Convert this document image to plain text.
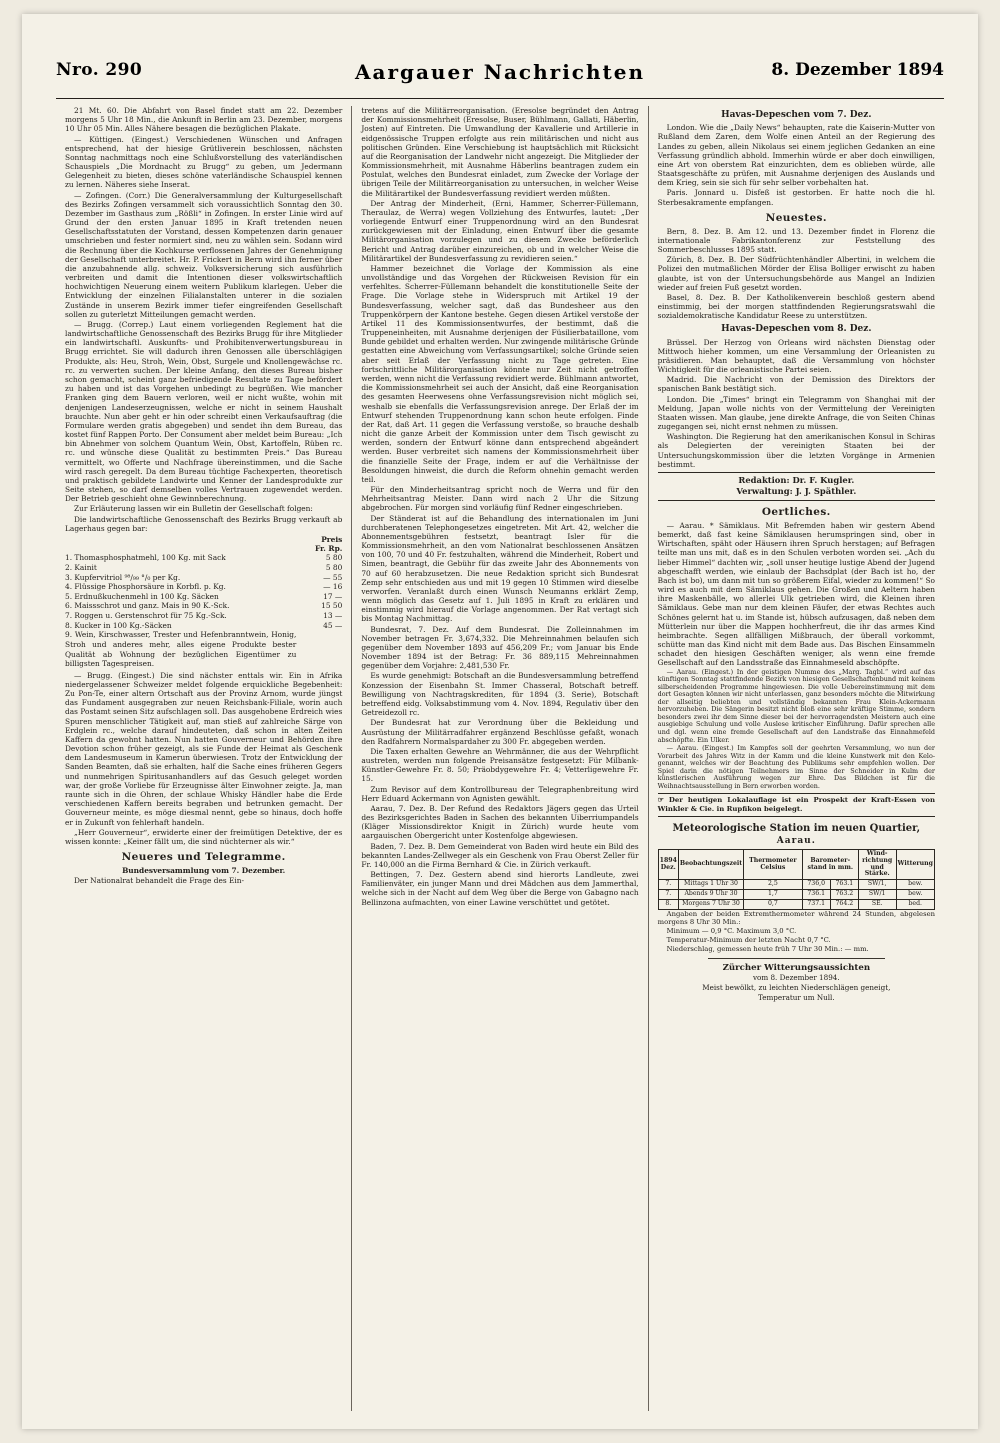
Nro. 290	Aargauer Nachrichten	8. Dezember 1894

21 Mt. 60. Die Abfahrt von Basel findet statt am 22. Dezember morgens 5 Uhr 18 Min., die Ankunft in Berlin am 23. Dezember, morgens 10 Uhr 05 Min. Alles Nähere besagen die bezüglichen Plakate.

— Küttigen. (Eingest.) Verschiedenen Wünschen und Anfragen entsprechend, hat der hiesige Grütliverein beschlossen, nächsten Sonntag nachmittags noch eine Schlußvorstellung des vaterländischen Schauspiels „Die Mordnacht zu Brugg“ zu geben, um Jedermann Gelegenheit zu bieten, dieses schöne vaterländische Schauspiel kennen zu lernen. Näheres siehe Inserat.

— Zofingen. (Corr.) Die Generalversammlung der Kulturgesellschaft des Bezirks Zofingen versammelt sich voraussichtlich Sonntag den 30. Dezember im Gasthaus zum „Rößli“ in Zofingen. In erster Linie wird auf Grund der den ersten Januar 1895 in Kraft tretenden neuen Gesellschaftsstatuten der Vorstand, dessen Kompetenzen darin genauer umschrieben und fester normiert sind, neu zu wählen sein. Sodann wird die Rechnung über die Kochkurse verflossenen Jahres der Genehmigung der Gesellschaft unterbreitet. Hr. P. Frickert in Bern wird ihn ferner über die anzubahnende allg. schweiz. Volksversicherung sich ausführlich verbreiten und damit die Intentionen dieser volkswirtschaftlich hochwichtigen Neuerung einem weitern Publikum klarlegen. Ueber die Entwicklung der einzelnen Filialanstalten unterer in die sozialen Zustände in unserem Bezirk immer tiefer eingreifenden Gesellschaft sollen zu guterletzt Mitteilungen gemacht werden.

— Brugg. (Correp.) Laut einem vorliegenden Reglement hat die landwirtschaftliche Genossenschaft des Bezirks Brugg für ihre Mitglieder ein landwirtschaftl. Auskunfts- und Prohibitenverwertungsbureau in Brugg errichtet. Sie will dadurch ihren Genossen alle überschlägigen Produkte, als: Heu, Stroh, Wein, Obst, Surgele und Knollengewächse rc. rc. zu verwerten suchen. Der kleine Anfang, den dieses Bureau bisher schon gemacht, scheint ganz befriedigende Resultate zu Tage befördert zu haben und ist das Vorgehen unbedingt zu begrüßen. Wie mancher Franken ging dem Bauern verloren, weil er nicht wußte, wohin mit denjenigen Landeserzeugnissen, welche er nicht in seinem Haushalt brauchte. Nun aber geht er hin oder schreibt einen Verkaufsauftrag (die Formulare werden gratis abgegeben) und sendet ihn dem Bureau, das kostet fünf Rappen Porto. Der Consument aber meldet beim Bureau: „Ich bin Abnehmer von solchem Quantum Wein, Obst, Kartoffeln, Rüben rc. rc. und wünsche diese Qualität zu bestimmten Preis.“ Das Bureau vermittelt, wo Offerte und Nachfrage übereinstimmen, und die Sache wird rasch geregelt. Da dem Bureau tüchtige Fachexperten, theoretisch und praktisch gebildete Landwirte und Kenner der Landesprodukte zur Seite stehen, so darf demselben volles Vertrauen zugewendet werden. Der Betrieb geschieht ohne Gewinnberechnung.

Zur Erläuterung lassen wir ein Bulletin der Gesellschaft folgen:

Die landwirtschaftliche Genossenschaft des Bezirks Brugg verkauft ab Lagerhaus gegen bar:

Preis
Fr. Rp.
1. Thomasphosphatmehl, 100 Kg. mit Sack	5 80
2. Kainit	5 80
3. Kupfervitriol ⁹⁸/₉₉ °/₀ per Kg.	— 55
4. Flüssige Phosphorsäure in Korbfl. p. Kg.	— 16
5. Erdnußkuchenmehl in 100 Kg. Säcken	17 —
6. Maissschrot und ganz. Mais in 90 K.-Sck.	15 50
7. Roggen u. Gerstenschrot für 75 Kg.-Sck.	13 —
8. Kucker in 100 Kg.-Säcken	45 —
9. Wein, Kirschwasser, Trester und Hefenbranntwein, Honig, Stroh und anderes mehr, alles eigene Produkte bester Qualität ab Wohnung der bezüglichen Eigentümer zu billigsten Tagespreisen.

— Brugg. (Eingest.) Die sind nächster enttals wir. Ein in Afrika niedergelassener Schweizer meldet folgende erquickliche Begebenheit: Zu Pon-Te, einer altern Ortschaft aus der Provinz Arnom, wurde jüngst das Fundament ausgegraben zur neuen Reichsbank-Filiale, worin auch das Postamt seinen Sitz aufschlagen soll. Das ausgehobene Erdreich wies Spuren menschlicher Tätigkeit auf, man stieß auf zahlreiche Särge von Erdglein rc., welche darauf hindeuteten, daß schon in alten Zeiten Kaffern da gewohnt hatten. Nun hatten Gouverneur und Behörden ihre Devotion schon früher gezeigt, als sie Funde der Heimat als Geschenk dem Landesmuseum in Kamerun überwiesen. Trotz der Entwicklung der Sanden Beamten, daß sie erhalten, half die Sache eines früheren Gegers und nunmehrigen Spiritusanhandlers auf das Gesuch geleget worden war, der große Vorliebe für Erzeugnisse älter Einwohner zeigte. Ja, man raunte sich in die Ohren, der schlaue Whisky Händler habe die Erde verschiedenen Kaffern bereits begraben und betrunken gemacht. Der Gouverneur meinte, es möge diesmal nennt, gebe so hinaus, doch hoffe er in Zukunft von fehlerhaft handeln.

„Herr Gouverneur“, erwiderte einer der freimütigen Detektive, der es wissen konnte: „Keiner fällt um, die sind nüchterner als wir.“

Neueres und Telegramme.

Bundesversammlung vom 7. Dezember.

Der Nationalrat behandelt die Frage des Ein-

tretens auf die Militärreorganisation. (Eresolse begründet den Antrag der Kommissionsmehrheit (Eresolse, Buser, Bühlmann, Gallati, Häberlin, Josten) auf Eintreten. Die Umwandlung der Kavallerie und Artillerie in eidgenössische Truppen erfolgte aus rein militärischen und nicht aus politischen Gründen. Eine Verschiebung ist hauptsächlich mit Rücksicht auf die Reorganisation der Landwehr nicht angezeigt. Die Mitglieder der Kommissionsmehrheit, mit Ausnahme Häberlins beantragen zudem ein Postulat, welches den Bundesrat einladet, zum Zwecke der Vorlage der übrigen Teile der Militärreorganisation zu untersuchen, in welcher Weise die Militärartikel der Bundesverfassung revidiert werden müßten.

Der Antrag der Minderheit, (Erni, Hammer, Scherrer-Füllemann, Theraulaz, de Werra) wegen Vollziehung des Entwurfes, lautet: „Der vorliegende Entwurf einer Truppenordnung wird an den Bundesrat zurückgewiesen mit der Einladung, einen Entwurf über die gesamte Militärorganisation vorzulegen und zu diesem Zwecke beförderlich Bericht und Antrag darüber einzureichen, ob und in welcher Weise die Militärartikel der Bundesverfassung zu revidieren seien.“

Hammer bezeichnet die Vorlage der Kommission als eine unvollständige und das Vorgehen der Rückweisen Revision für ein verfehltes. Scherrer-Füllemann behandelt die konstitutionelle Seite der Frage. Die Vorlage stehe in Widerspruch mit Artikel 19 der Bundesverfassung, welcher sagt, daß das Bundesheer aus den Truppenkörpern der Kantone bestehe. Gegen diesen Artikel verstoße der Artikel 11 des Kommissionsentwurfes, der bestimmt, daß die Truppeneinheiten, mit Ausnahme derjenigen der Füsilierbataillone, vom Bunde gebildet und erhalten werden. Nur zwingende militärische Gründe gestatten eine Abweichung vom Verfassungsartikel; solche Gründe seien aber seit Erlaß der Verfassung nicht zu Tage getreten. Eine fortschrittliche Militärorganisation könnte nur Zeit nicht getroffen werden, wenn nicht die Verfassung revidiert werde. Bühlmann antwortet, die Kommissionsmehrheit sei auch der Ansicht, daß eine Reorganisation des gesamten Heerwesens ohne Verfassungsrevision nicht möglich sei, weshalb sie ebenfalls die Verfassungsrevision anrege. Der Erlaß der im Entwurf stehenden Truppenordnung kann schon heute erfolgen. Finde der Rat, daß Art. 11 gegen die Verfassung verstoße, so brauche deshalb nicht die ganze Arbeit der Kommission unter dem Tisch gewischt zu werden, sondern der Entwurf könne dann entsprechend abgeändert werden. Buser verbreitet sich namens der Kommissionsmehrheit über die finanzielle Seite der Frage, indem er auf die Verhältnisse der Besoldungen hinweist, die durch die Reform ohnehin gemacht werden teil.

Für den Minderheitsantrag spricht noch de Werra und für den Mehrheitsantrag Meister. Dann wird nach 2 Uhr die Sitzung abgebrochen. Für morgen sind vorläufig fünf Redner eingeschrieben.

Der Ständerat ist auf die Behandlung des internationalen im Juni durchberatenen Telephongesetzes eingetreten. Mit Art. 42, welcher die Abonnementsgebühren festsetzt, beantragt Isler für die Kommissionsmehrheit, an den vom Nationalrat beschlossenen Ansätzen von 100, 70 und 40 Fr. festzuhalten, während die Minderheit, Robert und Simen, beantragt, die Gebühr für das zweite Jahr des Abonnements von 70 auf 60 herabzusetzen. Die neue Redaktion spricht sich Bundesrat Zemp sehr entschieden aus und mit 19 gegen 10 Stimmen wird dieselbe verworfen. Veranlaßt durch einen Wunsch Neumanns erklärt Zemp, wenn möglich das Gesetz auf 1. Juli 1895 in Kraft zu erklären und einstimmig wird hierauf die Vorlage angenommen. Der Rat vertagt sich bis Montag Nachmittag.

Bundesrat, 7. Dez. Auf dem Bundesrat. Die Zolleinnahmen im November betragen Fr. 3,674,332. Die Mehreinnahmen belaufen sich gegenüber dem November 1893 auf 456,209 Fr.; vom Januar bis Ende November 1894 ist der Betrag: Fr. 36 889,115 Mehreinnahmen gegenüber dem Vorjahre: 2,481,530 Fr.

Es wurde genehmigt: Botschaft an die Bundesversammlung betreffend Konzession der Eisenbahn St. Immer Chasseral, Botschaft betreff. Bewilligung von Nachtragskrediten, für 1894 (3. Serie), Botschaft betreffend eidg. Volksabstimmung vom 4. Nov. 1894, Regulativ über den Getreidezoll rc.

Der Bundesrat hat zur Verordnung über die Bekleidung und Ausrüstung der Militärradfahrer ergänzend Beschlüsse gefaßt, wonach den Radfahrern Normalspardaher zu 300 Fr. abgegeben werden.

Die Taxen erhalten Gewehre an Wehrmänner, die aus der Wehrpflicht austreten, werden nun folgende Preisansätze festgesetzt: Für Milbank-Künstler-Gewehre Fr. 8. 50; Präobdygewehre Fr. 4; Vetterligewehre Fr. 15.

Zum Revisor auf dem Kontrollbureau der Telegraphenbreitung wird Herr Eduard Ackermann von Agnisten gewählt.

Aarau, 7. Dez. B. Der Refund des Redaktors Jägers gegen das Urteil des Bezirksgerichtes Baden in Sachen des bekannten Uiberriumpandels (Kläger Missionsdirektor Knigit in Zürich) wurde heute vom aargauischen Obergericht unter Kostenfolge abgewiesen.

Baden, 7. Dez. B. Dem Gemeinderat von Baden wird heute ein Bild des bekannten Landes-Zellweger als ein Geschenk von Frau Oberst Zeller für Fr. 140,000 an die Firma Bernhard & Cie. in Zürich verkauft.

Bettingen, 7. Dez. Gestern abend sind hierorts Landleute, zwei Familienväter, ein junger Mann und drei Mädchen aus dem Jammerthal, welche sich in der Nacht auf dem Weg über die Berge von Gabagno nach Bellinzona aufmachten, von einer Lawine verschüttet und getötet.

Havas-Depeschen vom 7. Dez.

London. Wie die „Daily News“ behaupten, rate die Kaiserin-Mutter von Rußland dem Zaren, dem Wolfe einen Anteil an der Regierung des Landes zu geben, allein Nikolaus sei einem jeglichen Gedanken an eine Verfassung gründlich abhold. Immerhin würde er aber doch einwilligen, eine Art von oberstem Rat einzurichten, dem es oblieben würde, alle Staatsgeschäfte zu prüfen, mit Ausnahme derjenigen des Auslands und dem Krieg, sein sie sich für sehr selber vorbehalten hat.

Paris. Jonnard u. Disfeß ist gestorben. Er hatte noch die hl. Sterbesakramente empfangen.

Neuestes.

Bern, 8. Dez. B. Am 12. und 13. Dezember findet in Florenz die internationale Fabrikantonferenz zur Feststellung des Sommerbeschlusses 1895 statt.

Zürich, 8. Dez. B. Der Südfrüchtenhändler Albertini, in welchem die Polizei den mutmaßlichen Mörder der Elisa Bolliger erwischt zu haben glaubte, ist von der Untersuchungsbehörde aus Mangel an Indizien wieder auf freien Fuß gesetzt worden.

Basel, 8. Dez. B. Der Katholikenverein beschloß gestern abend einstimmig, bei der morgen stattfindenden Regierungsratswahl die sozialdemokratische Kandidatur Reese zu unterstützen.

Havas-Depeschen vom 8. Dez.

Brüssel. Der Herzog von Orleans wird nächsten Dienstag oder Mittwoch hieher kommen, um eine Versammlung der Orleanisten zu präsidieren. Man behauptet, daß die Versammlung von höchster Wichtigkeit für die orleanistische Partei seien.

Madrid. Die Nachricht von der Demission des Direktors der spanischen Bank bestätigt sich.

London. Die „Times“ bringt ein Telegramm von Shanghai mit der Meldung, Japan wolle nichts von der Vermittelung der Vereinigten Staaten wissen. Man glaube, jene direkte Anfrage, die von Seiten Chinas zugegangen sei, nicht ernst nehmen zu müssen.

Washington. Die Regierung hat den amerikanischen Konsul in Schiras als Delegierten der vereinigten Staaten bei der Untersuchungskommission über die letzten Vorgänge in Armenien bestimmt.

Redaktion: Dr. F. Kugler.

Verwaltung: J. J. Späthler.

Oertliches.

— Aarau. * Sämiklaus. Mit Befremden haben wir gestern Abend bemerkt, daß fast keine Sämiklausen herumspringen sind, ober in Wirtschaften, späht oder Häusern ihren Spruch herstagen; auf Befragen teilte man uns mit, daß es in den Schulen verboten worden sei. „Ach du lieber Himmel“ dachten wir, „soll unser heutige lustige Abend der Jugend abgeschafft werden, wie einlaub der Bachsdplat (der Bach ist ho, der Bach ist bo), um dann mit tun so größerem Eifal, wieder zu kommen!“ So wird es auch mit dem Sämiklaus gehen. Die Großen und Aeltern haben ihre Maskenbälle, wo allerlei Ulk getrieben wird, die Kleinen ihren Sämiklaus. Gebe man nur dem kleinen Fäufer, der etwas Rechtes auch Schönes gelernt hat u. im Stande ist, hübsch aufzusagen, daß neben dem Mütterlein nur über die Mappen hochherfreut, die ihr das armes Kind heimbrachte. Segen allfälligen Mißbrauch, der überall vorkommt, schütte man das Kind nicht mit dem Bade aus. Das Bischen Einsammeln schadet den hiesigen Geschäften weniger, als wenn eine fremde Gesellschaft auf den Landsstraße das Einnahmeseld abschöpfte.

— Aarau. (Eingest.) In der geistigen Numme des „Marg. Tagbl.“ wird auf das künftigen Sonntag stattfindende Bezirk von hiesigen Gesellschaftenbund mit keinem silberscheidenden Programme hingewiesen. Die volle Uebereinstimmung mit dem dort Gesagten können wir nicht unterlassen, ganz besonders möchte die Mitwirkung der allseitig beliebten und vollständig bekannten Frau Klein-Ackermann hervorzuheben. Die Sängerin besitzt nicht bloß eine sehr kräftige Stimme, sondern besonders zwei ihr dem Sinne dieser bei der hervorragendsten Meistern auch eine ausgiebige Schulung und volle Auslese kritischer Einführung. Dafür sprechen alle und dgl. wenn eine fremde Gesellschaft auf den Landstraße das Einnahmefeld abschöpfte. Ein Ulker.

— Aarau. (Eingest.) Im Kampfes soll der geehrten Versammlung, wo nun der Vorarbeit des Jahres Witz in der Kamm und die kleine Kunstwerk mit den Kelo-genannt, welches wir der Beachtung des Publikums sehr empfehlen wollen. Der Spiel darin die nötigen Teilnehmers im Sinne der Schneider in Kulm der künstlerischen Ausführung wegen zur Ehre. Das Bildchen ist für die Weihnachtsausstellung in Bern erworben worden.

☞ Der heutigen Lokalauflage ist ein Prospekt der Kraft-Essen von Winkler & Cie. in Rupfikon beigelegt.

Meteorologische Station im neuen Quartier,
Aarau.
1894
Dez.	Beobachtungszeit	Thermometer Celsius	Barometer-stand in mm.		Wind-
richtung und
Stärke.	Witterung
7.	Mittags 1 Uhr 30	2,5	736,0	763.1	SW/1,	bew.
7.	Abends 9 Uhr 30	1,7	736.1	763.2	SW/1	bew.
8.	Morgens 7 Uhr 30	0,7	737.1	764.2	SE.	bed.

Angaben der beiden Extremthermometer während 24 Stunden, abgelesen morgens 8 Uhr 30 Min.:

Minimum — 0,9 °C. Maximum 3,0 °C.

Temperatur-Minimum der letzten Nacht 0,7 °C.

Niederschlag, gemessen heute früh 7 Uhr 30 Min.: — mm.

Zürcher Witterungsaussichten

vom 8. Dezember 1894.

Meist bewölkt, zu leichten Niederschlägen geneigt,

Temperatur um Null.
